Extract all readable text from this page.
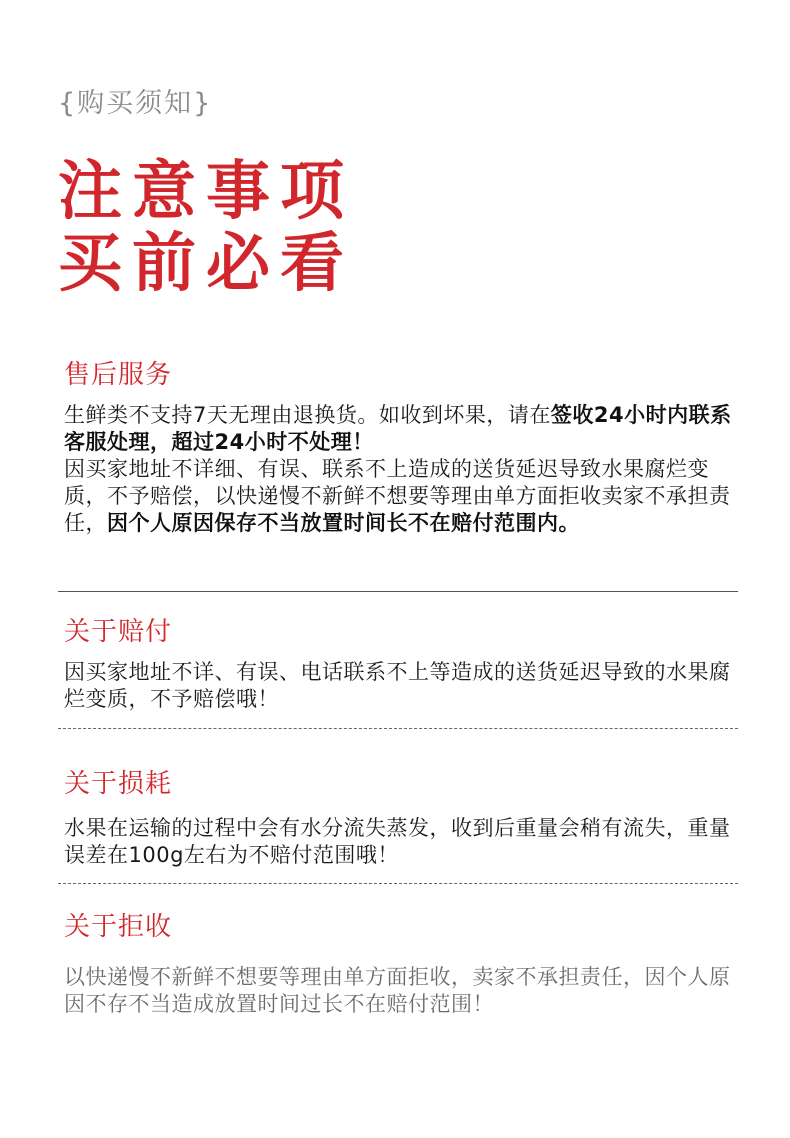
{购买须知}
注意事项
买前必看
售后服务
生鲜类不支持7天无理由退换货。如收到坏果，请在签收24小时内联系客服处理，超过24小时不处理！
因买家地址不详细、有误、联系不上造成的送货延迟导致水果腐烂变质，不予赔偿，以快递慢不新鲜不想要等理由单方面拒收卖家不承担责任，因个人原因保存不当放置时间长不在赔付范围内。
关于赔付
因买家地址不详、有误、电话联系不上等造成的送货延迟导致的水果腐烂变质，不予赔偿哦！
关于损耗
水果在运输的过程中会有水分流失蒸发，收到后重量会稍有流失，重量误差在100g左右为不赔付范围哦！
关于拒收
以快递慢不新鲜不想要等理由单方面拒收，卖家不承担责任，因个人原因不存不当造成放置时间过长不在赔付范围！
